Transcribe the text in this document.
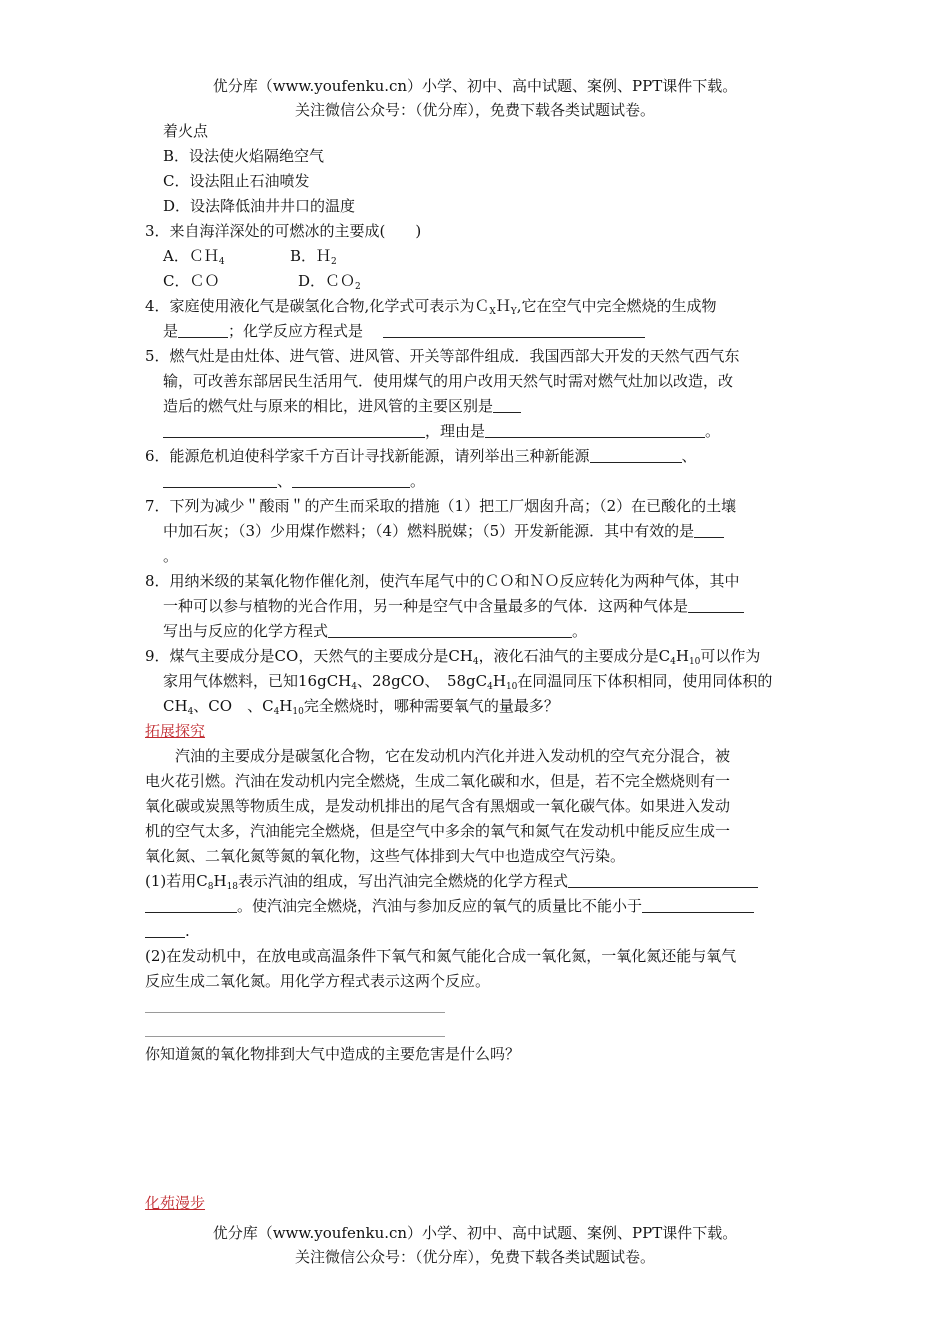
优分库（www.youfenku.cn）小学、初中、高中试题、案例、PPT课件下载。
关注微信公众号：（优分库），免费下载各类试题试卷。
着火点
B．设法使火焰隔绝空气
C．设法阻止石油喷发
D．设法降低油井井口的温度
3．来自海洋深处的可燃冰的主要成(　　)
A．ＣＨ$_4$	B．Ｈ$_2$
C．ＣＯ	D．ＣＯ$_2$
4．家庭使用液化气是碳氢化合物,化学式可表示为Ｃ$_X$Ｈ$_Y$,它在空气中完全燃烧的生成物
是	；化学反应方程式是
5．燃气灶是由灶体、进气管、进风管、开关等部件组成．我国西部大开发的天然气西气东
输，可改善东部居民生活用气．使用煤气的用户改用天然气时需对燃气灶加以改造，改
造后的燃气灶与原来的相比，进风管的主要区别是
，理由是	。
6．能源危机迫使科学家千方百计寻找新能源，请列举出三种新能源	、
、	。
7．下列为减少＂酸雨＂的产生而采取的措施（1）把工厂烟囱升高；（2）在已酸化的土壤
中加石灰；（3）少用煤作燃料；（4）燃料脱媒；（5）开发新能源．其中有效的是
。
8．用纳米级的某氧化物作催化剂，使汽车尾气中的ＣＯ和ＮＯ反应转化为两种气体，其中
一种可以参与植物的光合作用，另一种是空气中含量最多的气体．这两种气体是
写出与反应的化学方程式	。
9．煤气主要成分是CO，天然气的主要成分是$CH_4$，液化石油气的主要成分是$C_4H_{10}$可以作为
家用气体燃料，已知16gCH$_4$、28gCO、　$58gC_4H_{10}$在同温同压下体积相同，使用同体积的
$CH_4$、CO　、$C_4H_{10}$完全燃烧时，哪种需要氧气的量最多？
拓展探究
汽油的主要成分是碳氢化合物，它在发动机内汽化并进入发动机的空气充分混合，被
电火花引燃。汽油在发动机内完全燃烧，生成二氧化碳和水，但是，若不完全燃烧则有一
氧化碳或炭黑等物质生成，是发动机排出的尾气含有黑烟或一氧化碳气体。如果进入发动
机的空气太多，汽油能完全燃烧，但是空气中多余的氧气和氮气在发动机中能反应生成一
氧化氮、二氧化氮等氮的氧化物，这些气体排到大气中也造成空气污染。
(1)若用$C_8H_{18}$表示汽油的组成，写出汽油完全燃烧的化学方程式
。使汽油完全燃烧，汽油与参加反应的氧气的质量比不能小于
.
(2)在发动机中，在放电或高温条件下氧气和氮气能化合成一氧化氮，一氧化氮还能与氧气
反应生成二氧化氮。用化学方程式表示这两个反应。
你知道氮的氧化物排到大气中造成的主要危害是什么吗？
化苑漫步
优分库（www.youfenku.cn）小学、初中、高中试题、案例、PPT课件下载。
关注微信公众号：（优分库），免费下载各类试题试卷。
